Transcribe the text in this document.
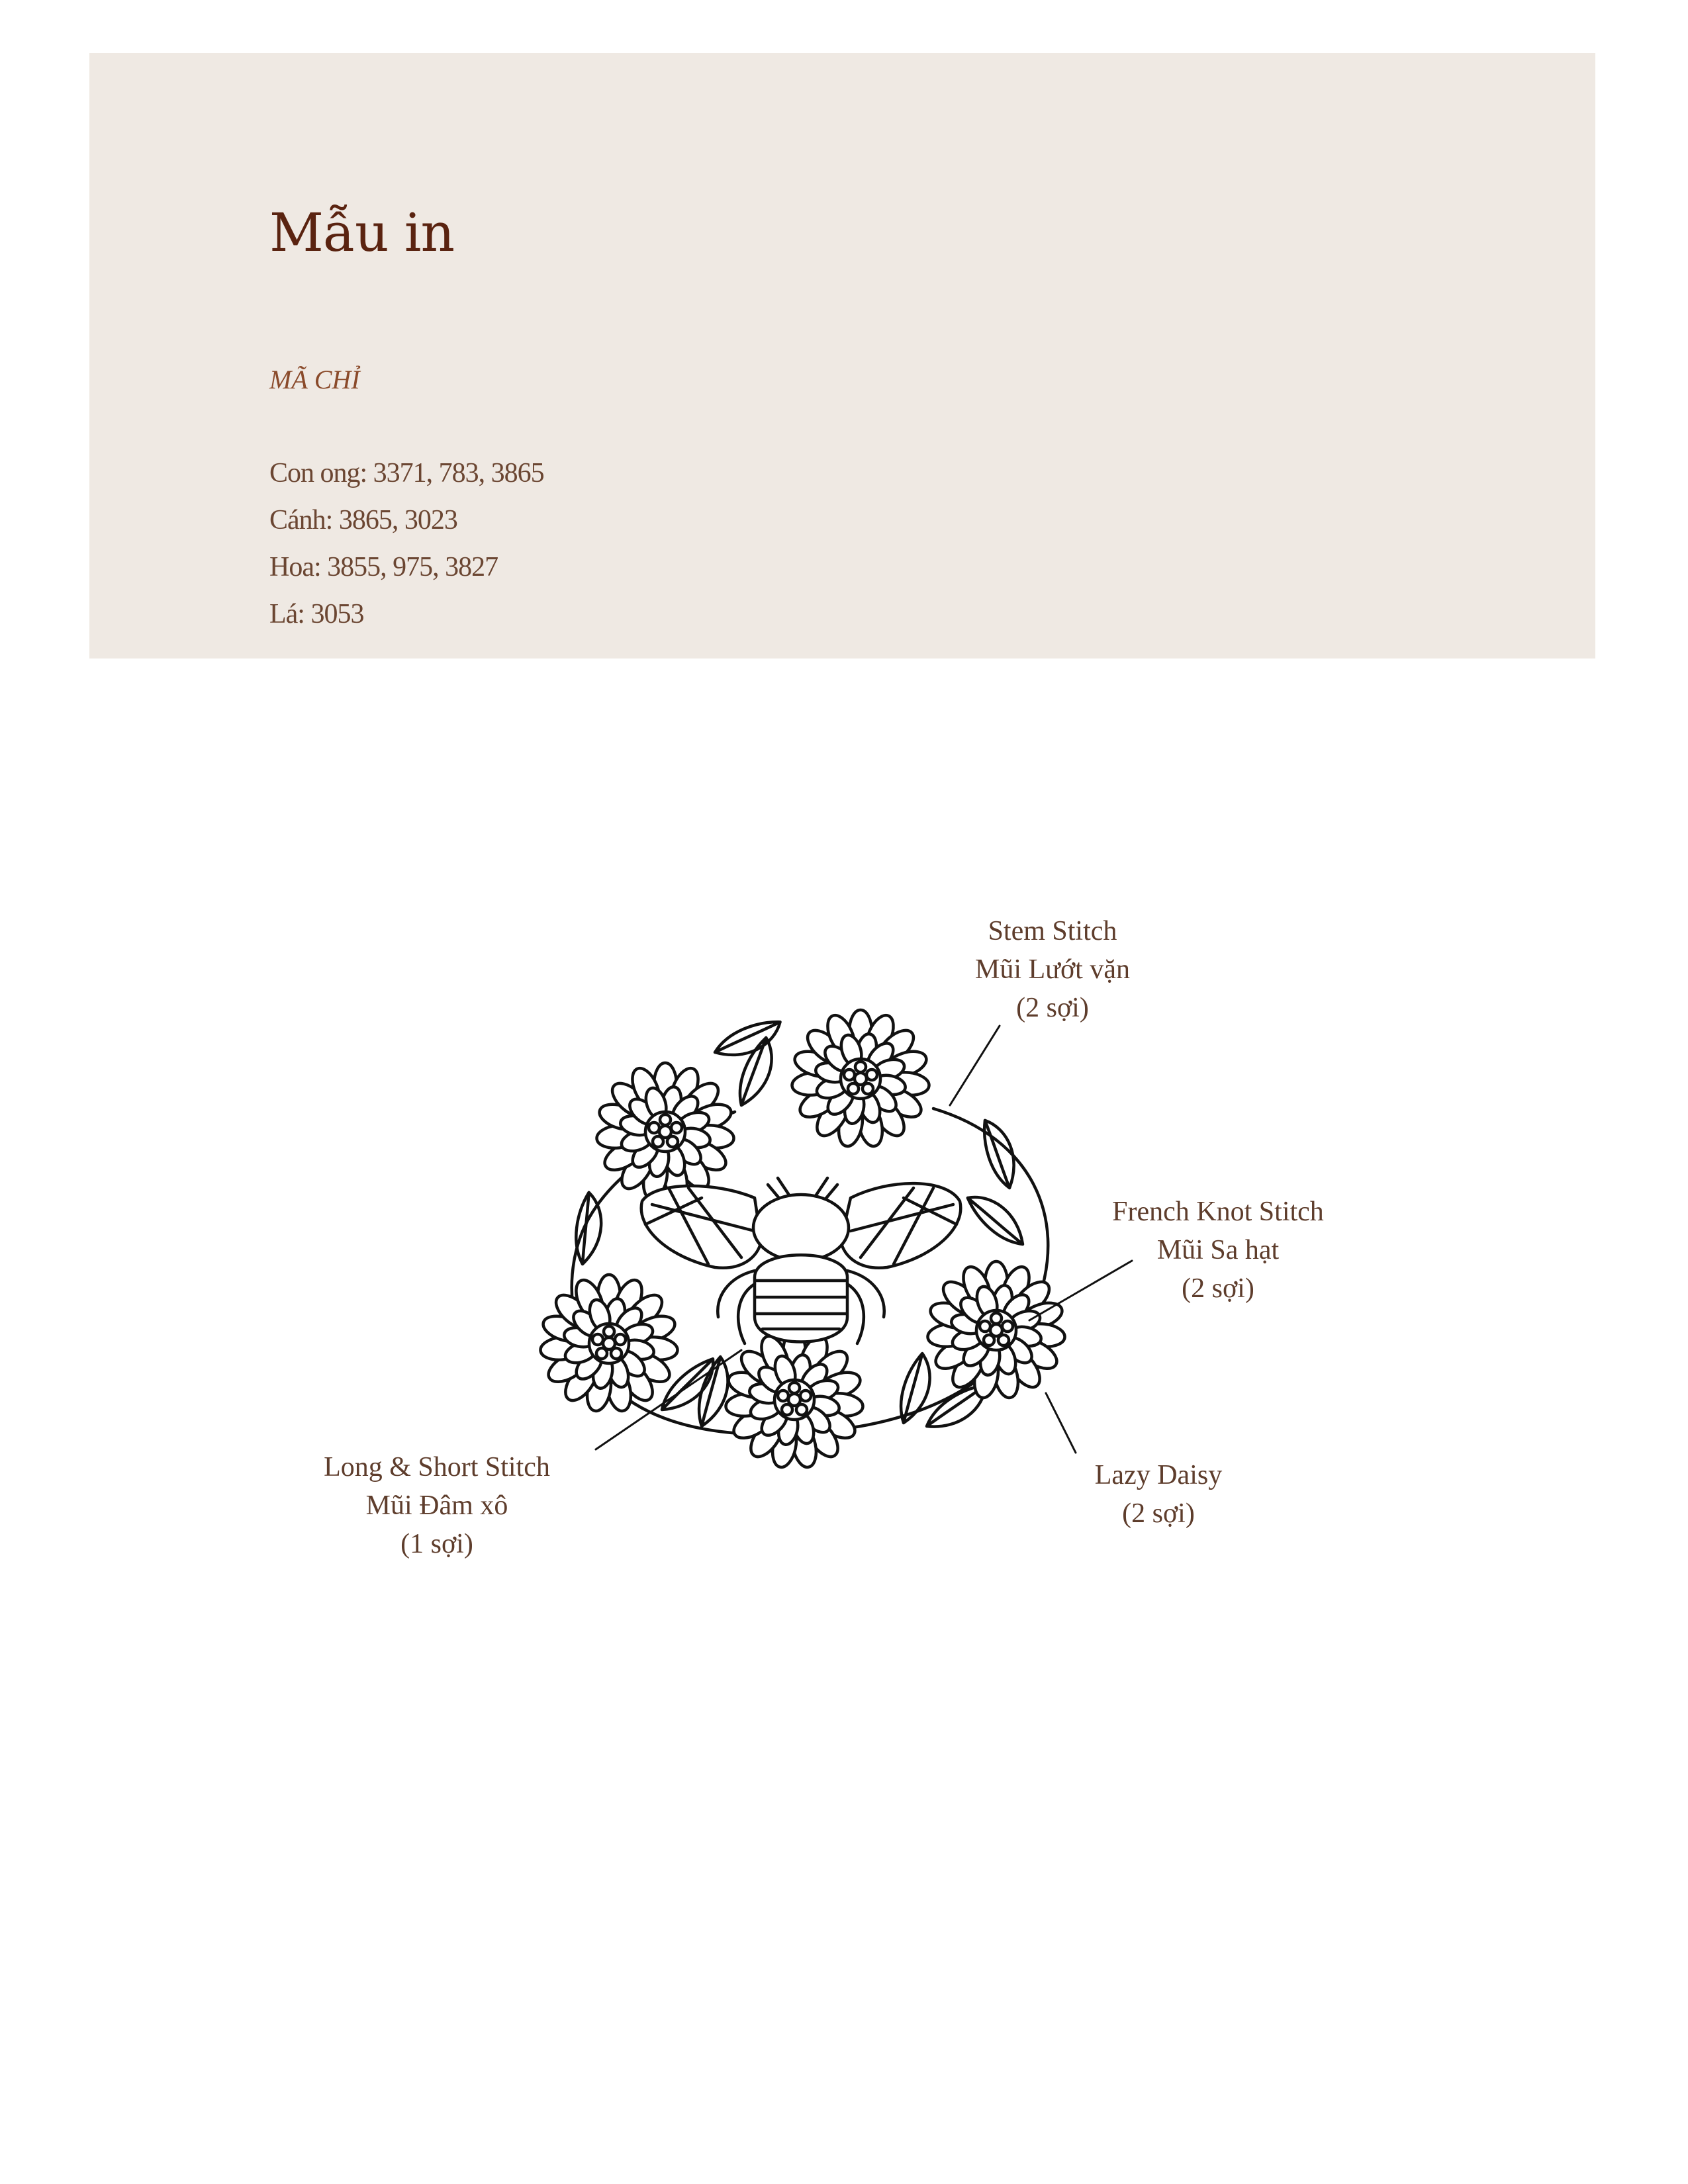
Mẫu in
MÃ CHỈ
Con ong: 3371, 783, 3865
Cánh: 3865, 3023
Hoa: 3855, 975, 3827
Lá: 3053
Stem Stitch
Mũi Lướt vặn
(2 sợi)
French Knot Stitch
Mũi Sa hạt
(2 sợi)
Long & Short Stitch
Mũi Đâm xô
(1 sợi)
Lazy Daisy
(2 sợi)
